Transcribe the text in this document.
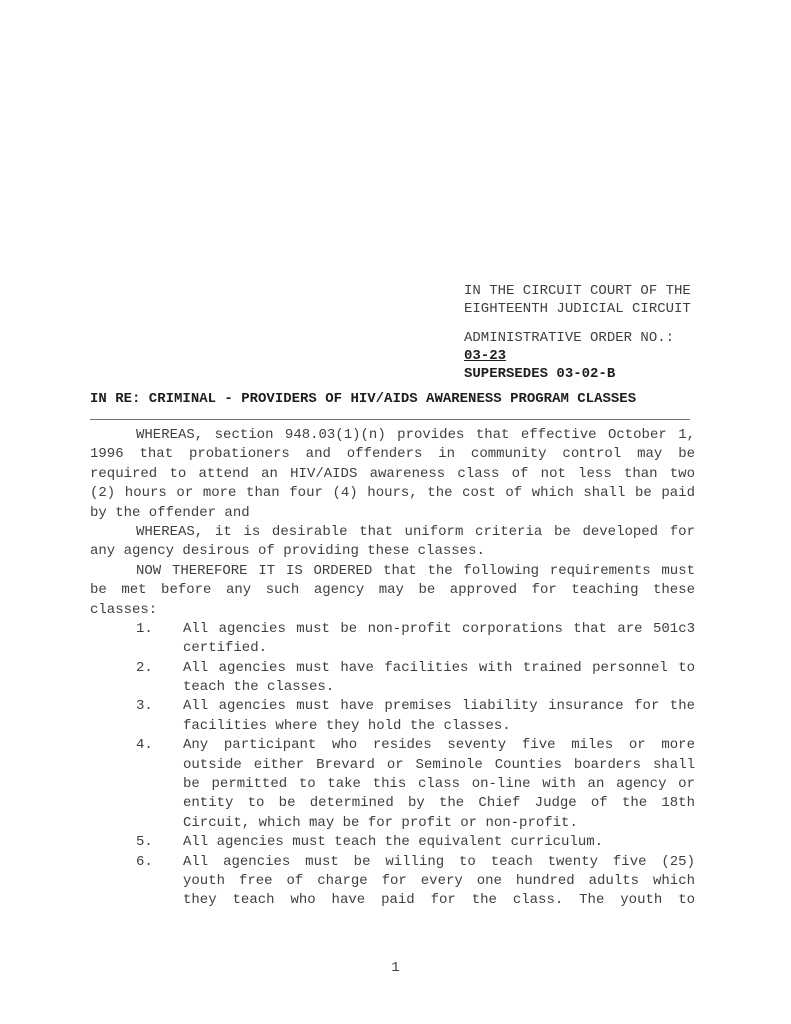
IN THE CIRCUIT COURT OF THE
EIGHTEENTH JUDICIAL CIRCUIT
ADMINISTRATIVE ORDER NO.:
03-23
SUPERSEDES 03-02-B
IN RE: CRIMINAL - PROVIDERS OF HIV/AIDS AWARENESS PROGRAM CLASSES
WHEREAS, section 948.03(1)(n) provides that effective October 1,
1996 that probationers and offenders in community control may be
required to attend an HIV/AIDS awareness class of not less than two
(2) hours or more than four (4) hours, the cost of which shall be paid
by the offender and
WHEREAS, it is desirable that uniform criteria be developed for
any agency desirous of providing these classes.
NOW THEREFORE IT IS ORDERED that the following requirements must
be met before any such agency may be approved for teaching these
classes:
1. All agencies must be non-profit corporations that are 501c3
certified.
2. All agencies must have facilities with trained personnel to
teach the classes.
3. All agencies must have premises liability insurance for the
facilities where they hold the classes.
4. Any participant who resides seventy five miles or more
outside either Brevard or Seminole Counties boarders shall
be permitted to take this class on-line with an agency or
entity to be determined by the Chief Judge of the 18th
Circuit, which may be for profit or non-profit.
5. All agencies must teach the equivalent curriculum.
6. All agencies must be willing to teach twenty five (25)
youth free of charge for every one hundred adults which
they teach who have paid for the class. The youth to
1
